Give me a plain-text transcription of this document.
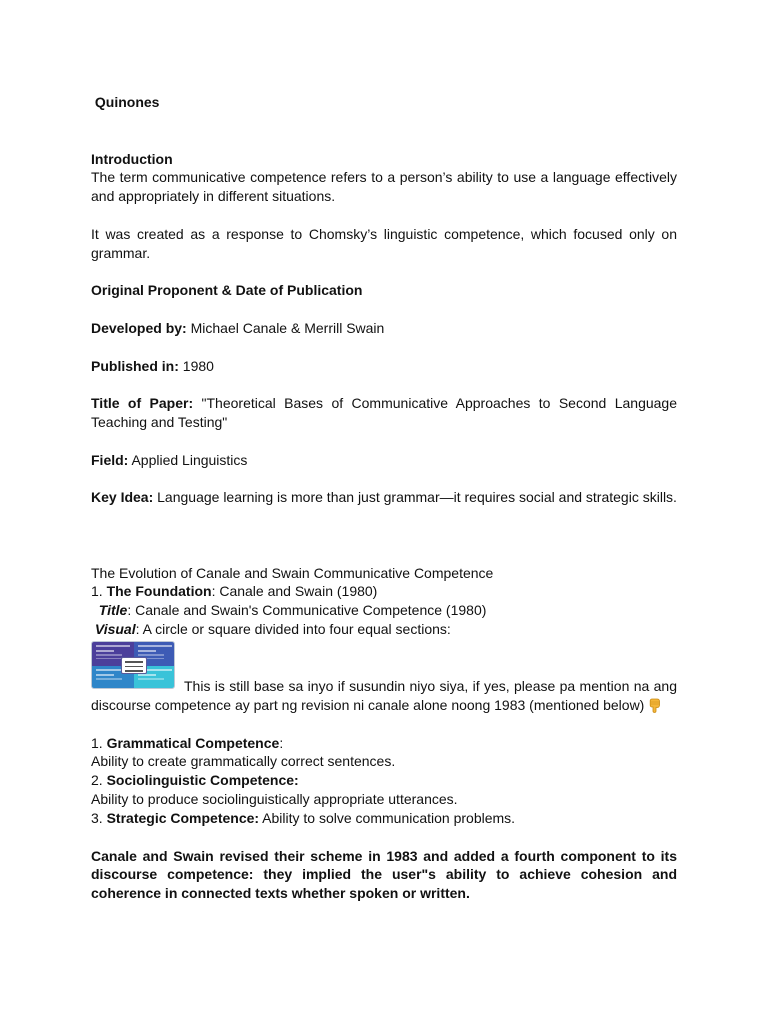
Quinones
Introduction
The term communicative competence refers to a person’s ability to use a language effectively
and appropriately in different situations.
It was created as a response to Chomsky’s linguistic competence, which focused only on
grammar.
Original Proponent & Date of Publication
Developed by: Michael Canale & Merrill Swain
Published in: 1980
Title of Paper: "Theoretical Bases of Communicative Approaches to Second Language
Teaching and Testing"
Field: Applied Linguistics
Key Idea: Language learning is more than just grammar—it requires social and strategic skills.
The Evolution of Canale and Swain Communicative Competence
1. The Foundation: Canale and Swain (1980)
Title: Canale and Swain's Communicative Competence (1980)
Visual: A circle or square divided into four equal sections:
This is still base sa inyo if susundin niyo siya, if yes, please pa mention na ang
discourse competence ay part ng revision ni canale alone noong 1983 (mentioned below)
1. Grammatical Competence:
Ability to create grammatically correct sentences.
2. Sociolinguistic Competence:
Ability to produce sociolinguistically appropriate utterances.
3. Strategic Competence: Ability to solve communication problems.
Canale and Swain revised their scheme in 1983 and added a fourth component to its
discourse competence: they implied the user"s ability to achieve cohesion and
coherence in connected texts whether spoken or written.
